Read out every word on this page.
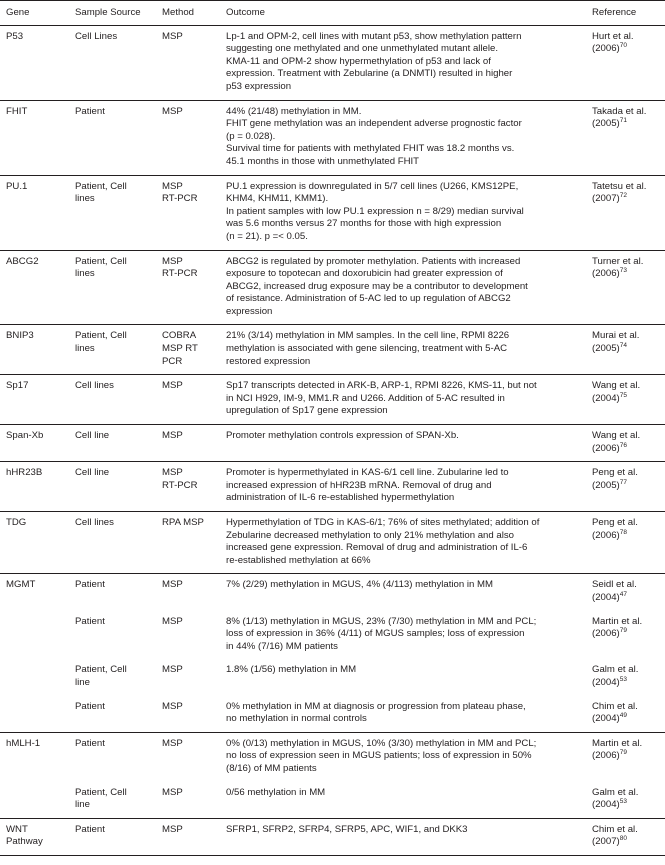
Gene	Sample Source	Method	Outcome	Reference
P53	Cell Lines	MSP	Lp-1 and OPM-2, cell lines with mutant p53, show methylation pattern
suggesting one methylated and one unmethylated mutant allele.
KMA-11 and OPM-2 show hypermethylation of p53 and lack of
expression. Treatment with Zebularine (a DNMTI) resulted in higher
p53 expression	Hurt et al.
$(2006)^{70}$
FHIT	Patient	MSP	44% (21/48) methylation in MM.
FHIT gene methylation was an independent adverse prognostic factor
(p = 0.028).
Survival time for patients with methylated FHIT was 18.2 months vs.
45.1 months in those with unmethylated FHIT	Takada et al.
$(2005)^{71}$
PU.1	Patient, Cell
lines	MSP
RT-PCR	PU.1 expression is downregulated in 5/7 cell lines (U266, KMS12PE,
KHM4, KHM11, KMM1).
In patient samples with low PU.1 expression n = 8/29) median survival
was 5.6 months versus 27 months for those with high expression
(n = 21). p =< 0.05.	Tatetsu et al.
$(2007)^{72}$
ABCG2	Patient, Cell
lines	MSP
RT-PCR	ABCG2 is regulated by promoter methylation. Patients with increased
exposure to topotecan and doxorubicin had greater expression of
ABCG2, increased drug exposure may be a contributor to development
of resistance. Administration of 5-AC led to up regulation of ABCG2
expression	Turner et al.
$(2006)^{73}$
BNIP3	Patient, Cell
lines	COBRA
MSP RT
PCR	21% (3/14) methylation in MM samples. In the cell line, RPMI 8226
methylation is associated with gene silencing, treatment with 5-AC
restored expression	Murai et al.
$(2005)^{74}$
Sp17	Cell lines	MSP	Sp17 transcripts detected in ARK-B, ARP-1, RPMI 8226, KMS-11, but not
in NCI H929, IM-9, MM1.R and U266. Addition of 5-AC resulted in
upregulation of Sp17 gene expression	Wang et al.
$(2004)^{75}$
Span-Xb	Cell line	MSP	Promoter methylation controls expression of SPAN-Xb.	Wang et al.
$(2006)^{76}$
hHR23B	Cell line	MSP
RT-PCR	Promoter is hypermethylated in KAS-6/1 cell line. Zubularine led to
increased expression of hHR23B mRNA. Removal of drug and
administration of IL-6 re-established hypermethylation	Peng et al.
$(2005)^{77}$
TDG	Cell lines	RPA MSP	Hypermethylation of TDG in KAS-6/1; 76% of sites methylated; addition of
Zebularine decreased methylation to only 21% methylation and also
increased gene expression. Removal of drug and administration of IL-6
re-established methylation at 66%	Peng et al.
$(2006)^{78}$
MGMT	Patient	MSP	7% (2/29) methylation in MGUS, 4% (4/113) methylation in MM	Seidl et al.
$(2004)^{47}$
	Patient	MSP	8% (1/13) methylation in MGUS, 23% (7/30) methylation in MM and PCL;
loss of expression in 36% (4/11) of MGUS samples; loss of expression
in 44% (7/16) MM patients	Martin et al.
$(2006)^{79}$
	Patient, Cell
line	MSP	1.8% (1/56) methylation in MM	Galm et al.
$(2004)^{53}$
	Patient	MSP	0% methylation in MM at diagnosis or progression from plateau phase,
no methylation in normal controls	Chim et al.
$(2004)^{49}$
hMLH-1	Patient	MSP	0% (0/13) methylation in MGUS, 10% (3/30) methylation in MM and PCL;
no loss of expression seen in MGUS patients; loss of expression in 50%
(8/16) of MM patients	Martin et al.
$(2006)^{79}$
	Patient, Cell
line	MSP	0/56 methylation in MM	Galm et al.
$(2004)^{53}$
WNT
Pathway	Patient	MSP	SFRP1, SFRP2, SFRP4, SFRP5, APC, WIF1, and DKK3	Chim et al.
$(2007)^{80}$
